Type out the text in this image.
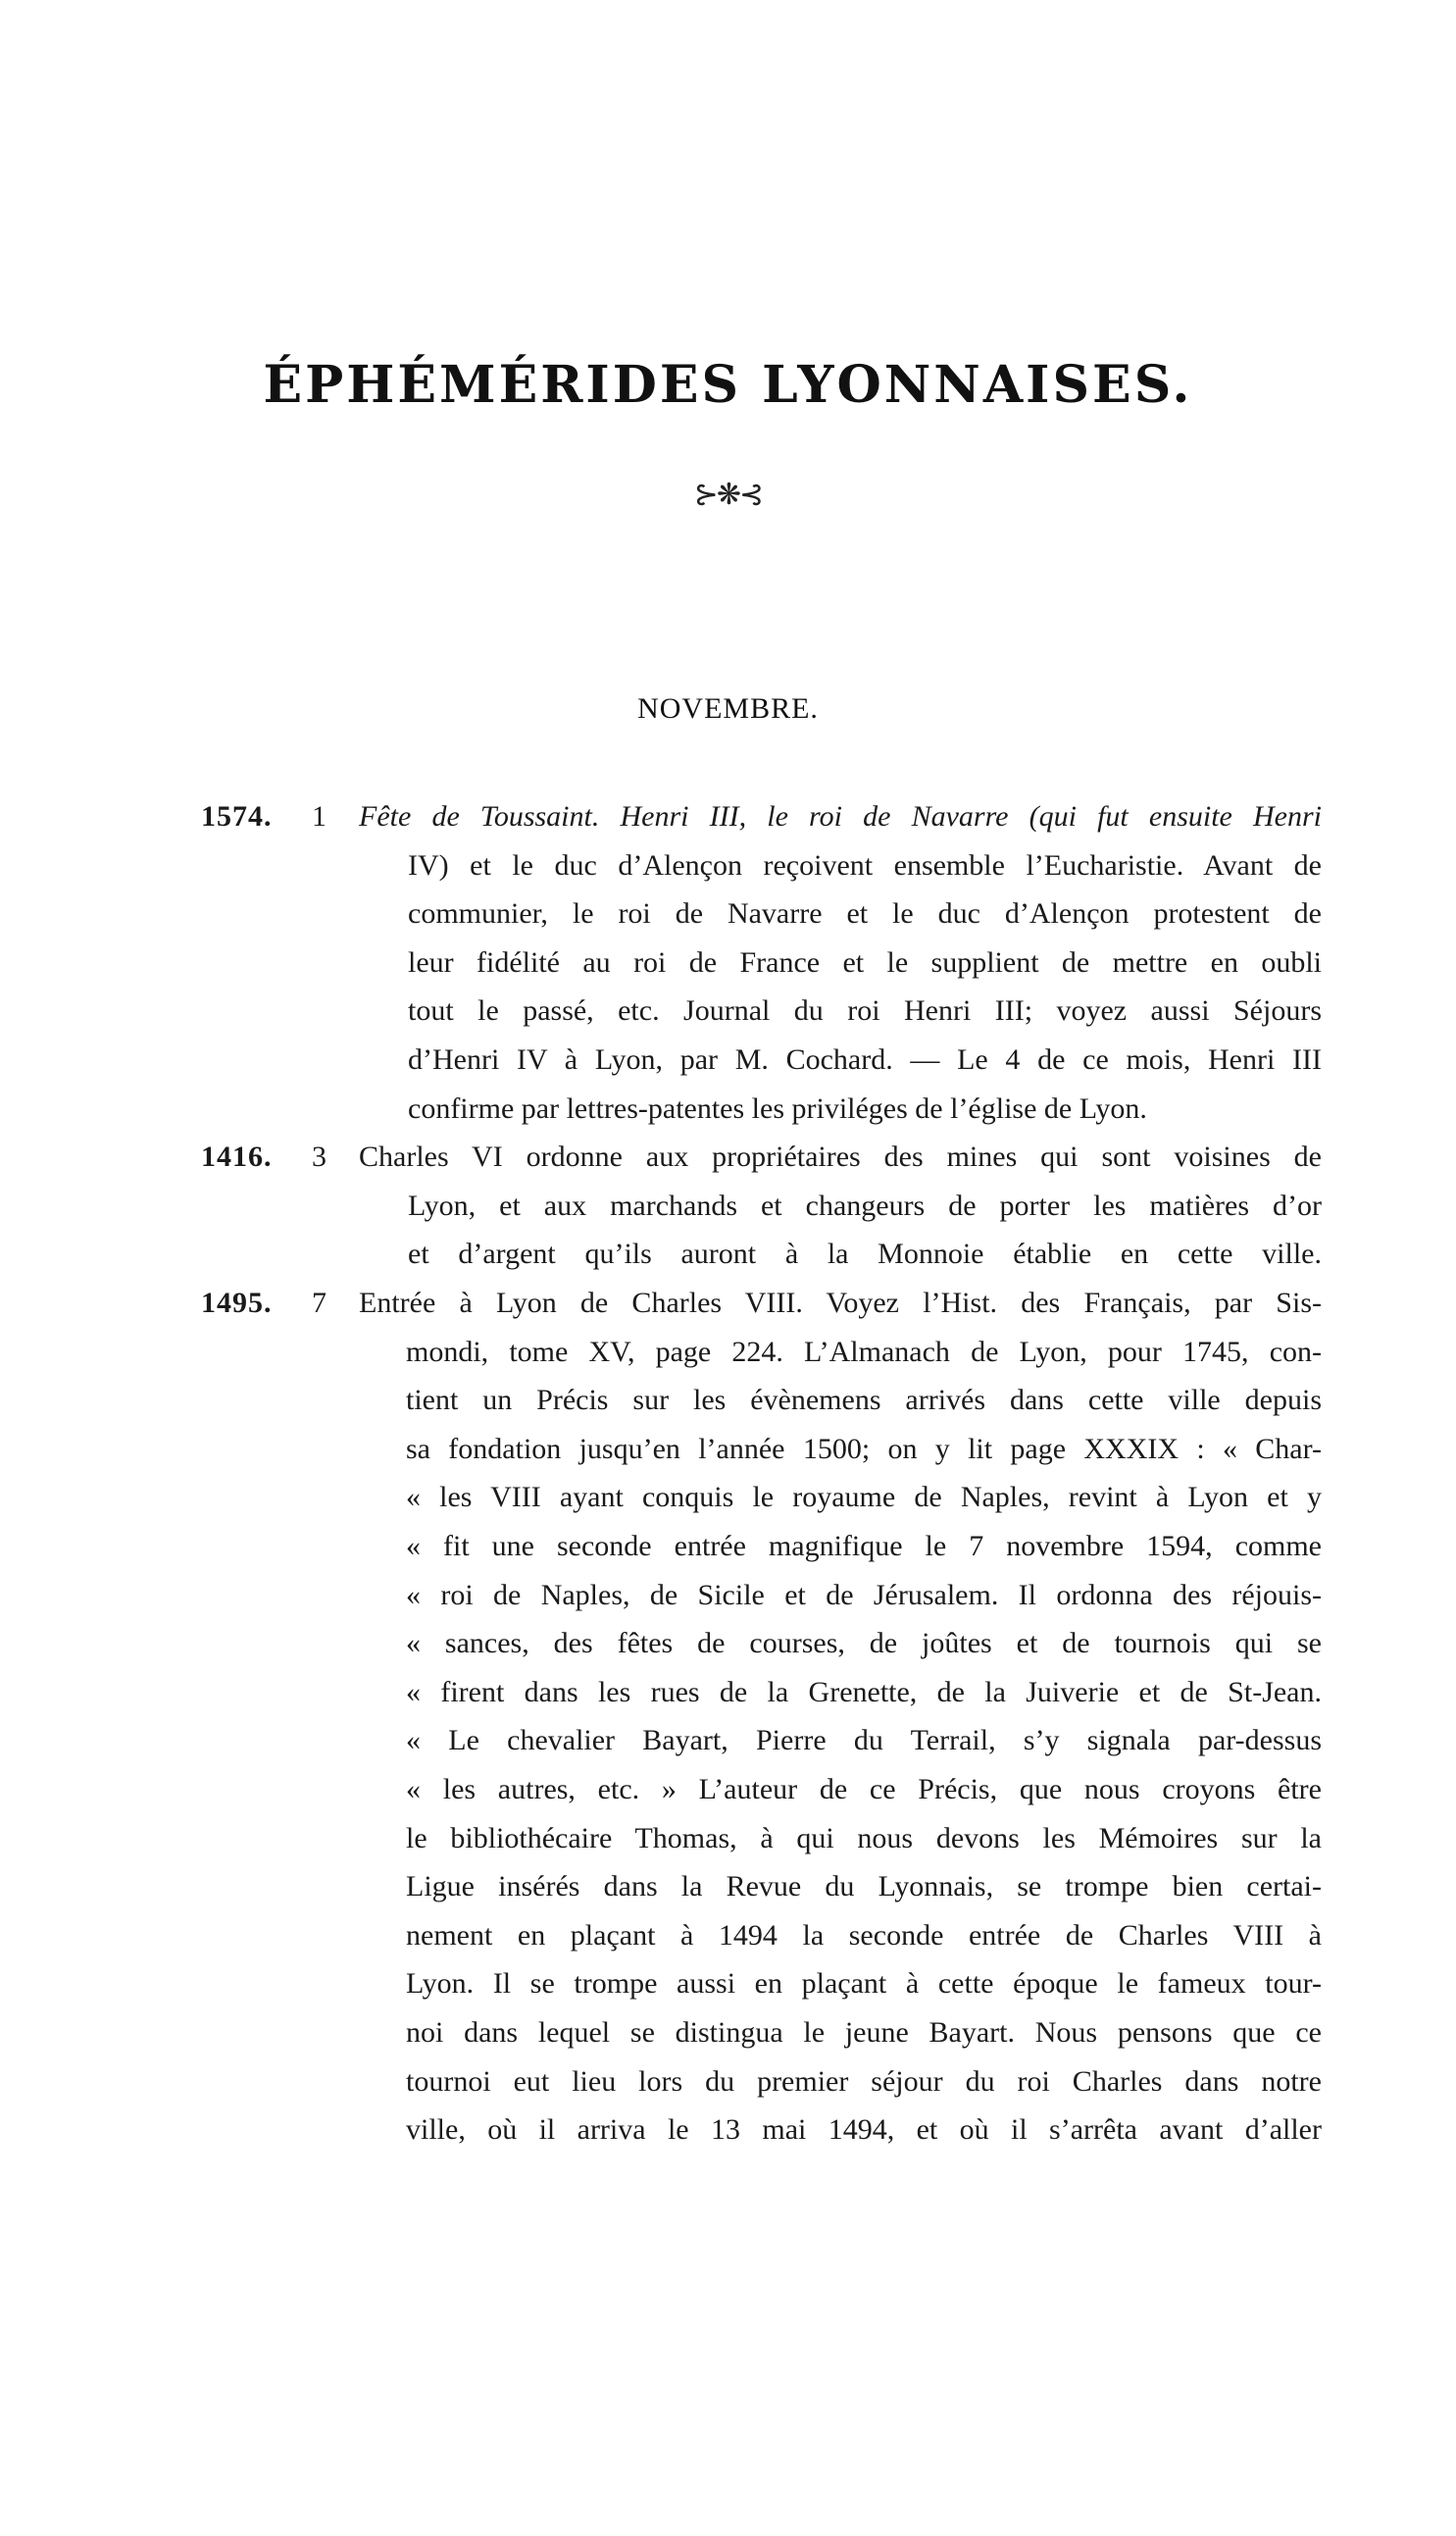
ÉPHÉMÉRIDES LYONNAISES.
⊱❋⊰
NOVEMBRE.
1574. 1 Fête de Toussaint. Henri III, le roi de Navarre (qui fut ensuite Henri
IV) et le duc d’Alençon reçoivent ensemble l’Eucharistie. Avant de
communier, le roi de Navarre et le duc d’Alençon protestent de
leur fidélité au roi de France et le supplient de mettre en oubli
tout le passé, etc. Journal du roi Henri III; voyez aussi Séjours
d’Henri IV à Lyon, par M. Cochard. — Le 4 de ce mois, Henri III
confirme par lettres-patentes les priviléges de l’église de Lyon.
1416. 3 Charles VI ordonne aux propriétaires des mines qui sont voisines de
Lyon, et aux marchands et changeurs de porter les matières d’or
et d’argent qu’ils auront à la Monnoie établie en cette ville.
1495. 7 Entrée à Lyon de Charles VIII. Voyez l’Hist. des Français, par Sis-
mondi, tome XV, page 224. L’Almanach de Lyon, pour 1745, con-
tient un Précis sur les évènemens arrivés dans cette ville depuis
sa fondation jusqu’en l’année 1500; on y lit page XXXIX : « Char-
« les VIII ayant conquis le royaume de Naples, revint à Lyon et y
« fit une seconde entrée magnifique le 7 novembre 1594, comme
« roi de Naples, de Sicile et de Jérusalem. Il ordonna des réjouis-
« sances, des fêtes de courses, de joûtes et de tournois qui se
« firent dans les rues de la Grenette, de la Juiverie et de St-Jean.
« Le chevalier Bayart, Pierre du Terrail, s’y signala par-dessus
« les autres, etc. » L’auteur de ce Précis, que nous croyons être
le bibliothécaire Thomas, à qui nous devons les Mémoires sur la
Ligue insérés dans la Revue du Lyonnais, se trompe bien certai-
nement en plaçant à 1494 la seconde entrée de Charles VIII à
Lyon. Il se trompe aussi en plaçant à cette époque le fameux tour-
noi dans lequel se distingua le jeune Bayart. Nous pensons que ce
tournoi eut lieu lors du premier séjour du roi Charles dans notre
ville, où il arriva le 13 mai 1494, et où il s’arrêta avant d’aller
